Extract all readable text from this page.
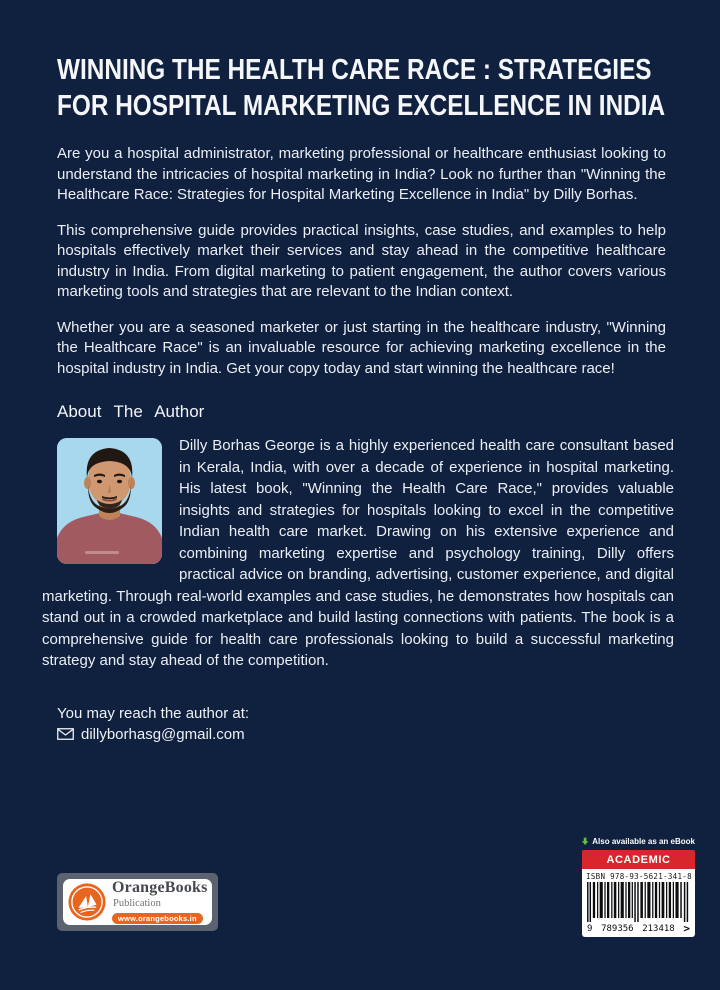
WINNING THE HEALTH CARE RACE : STRATEGIES
FOR HOSPITAL MARKETING EXCELLENCE IN INDIA

Are you a hospital administrator, marketing professional or healthcare enthusiast looking to understand the intricacies of hospital marketing in India? Look no further than "Winning the Healthcare Race: Strategies for Hospital Marketing Excellence in India" by Dilly Borhas.

This comprehensive guide provides practical insights, case studies, and examples to help hospitals effectively market their services and stay ahead in the competitive healthcare industry in India. From digital marketing to patient engagement, the author covers various marketing tools and strategies that are relevant to the Indian context.

Whether you are a seasoned marketer or just starting in the healthcare industry, "Winning the Healthcare Race" is an invaluable resource for achieving marketing excellence in the hospital industry in India. Get your copy today and start winning the healthcare race!

About The Author
Dilly Borhas George is a highly experienced health care consultant based in Kerala, India, with over a decade of experience in hospital marketing. His latest book, "Winning the Health Care Race," provides valuable insights and strategies for hospitals looking to excel in the competitive Indian health care market. Drawing on his extensive experience and combining marketing expertise and psychology training, Dilly offers practical advice on branding, advertising, customer experience, and digital marketing. Through real-world examples and case studies, he demonstrates how hospitals can stand out in a crowded marketplace and build lasting connections with patients. The book is a comprehensive guide for health care professionals looking to build a successful marketing strategy and stay ahead of the competition.
You may reach the author at:
dillyborhasg@gmail.com
OrangeBooks
Publication
www.orangebooks.in
Also available as an eBook
ACADEMIC
ISBN 978-93-5621-341-8
9 789356 213418 >
